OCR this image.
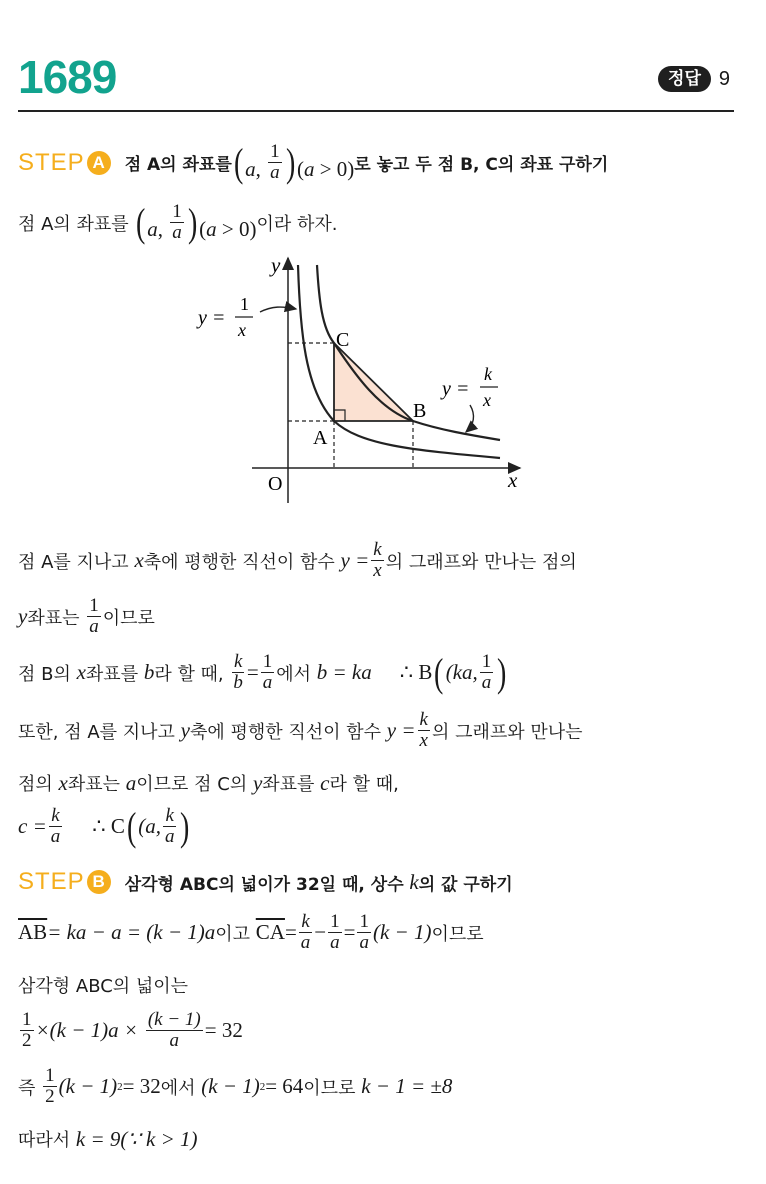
1689	정답 9
STEP A	점 A의 좌표를 (a, $\frac{1}{a} )(a > 0)$ 로 놓고 두 점 B, C의 좌표 구하기
점 A의 좌표를 (a, $\frac{1}{a} )(a > 0)$ 이라 하자.
y
x
O
A
B
C
y =
1
x
y =
k
x
점 A를 지나고
x 축에 평행한 직선이 함수
$y = \frac{k}{x}$ 의 그래프와 만나는 점의
y 좌표는
$\frac{1}{a}$ 이므로
점 B의
x 좌표를
b 라 할 때,
$\frac{k}{b} = \frac{1}{a}$ 에서
b = ka ∴ B ( (ka, $\frac{1}{a}$ )
또한, 점 A를 지나고
y 축에 평행한 직선이 함수
$y = \frac{k}{x}$ 의 그래프와 만나는
점의
x 좌표는
a 이므로 점 C의
y 좌표를
c 라 할 때,
$c = \frac{k}{a}$ ∴ C ( (a, $\frac{k}{a}$ )
STEP B	삼각형 ABC의 넓이가 32일 때, 상수
k 의 값 구하기
$\overline{AB}$ = ka − a = (k − 1)a 이고
$\overline{CA} = \frac{k}{a} - \frac{1}{a} = \frac{1}{a} (k - 1)$ 이므로
삼각형 ABC의 넓이는
$\frac{1}{2} \times(k - 1)a$ ×
$\frac{(k - 1)}{a} = 32$
즉
$\frac{1}{2} (k - 1) 2 = 32$ 에서
(k − 1) 2 = 64 이므로
k − 1 = ±8
따라서
k = 9(∵ k > 1)
